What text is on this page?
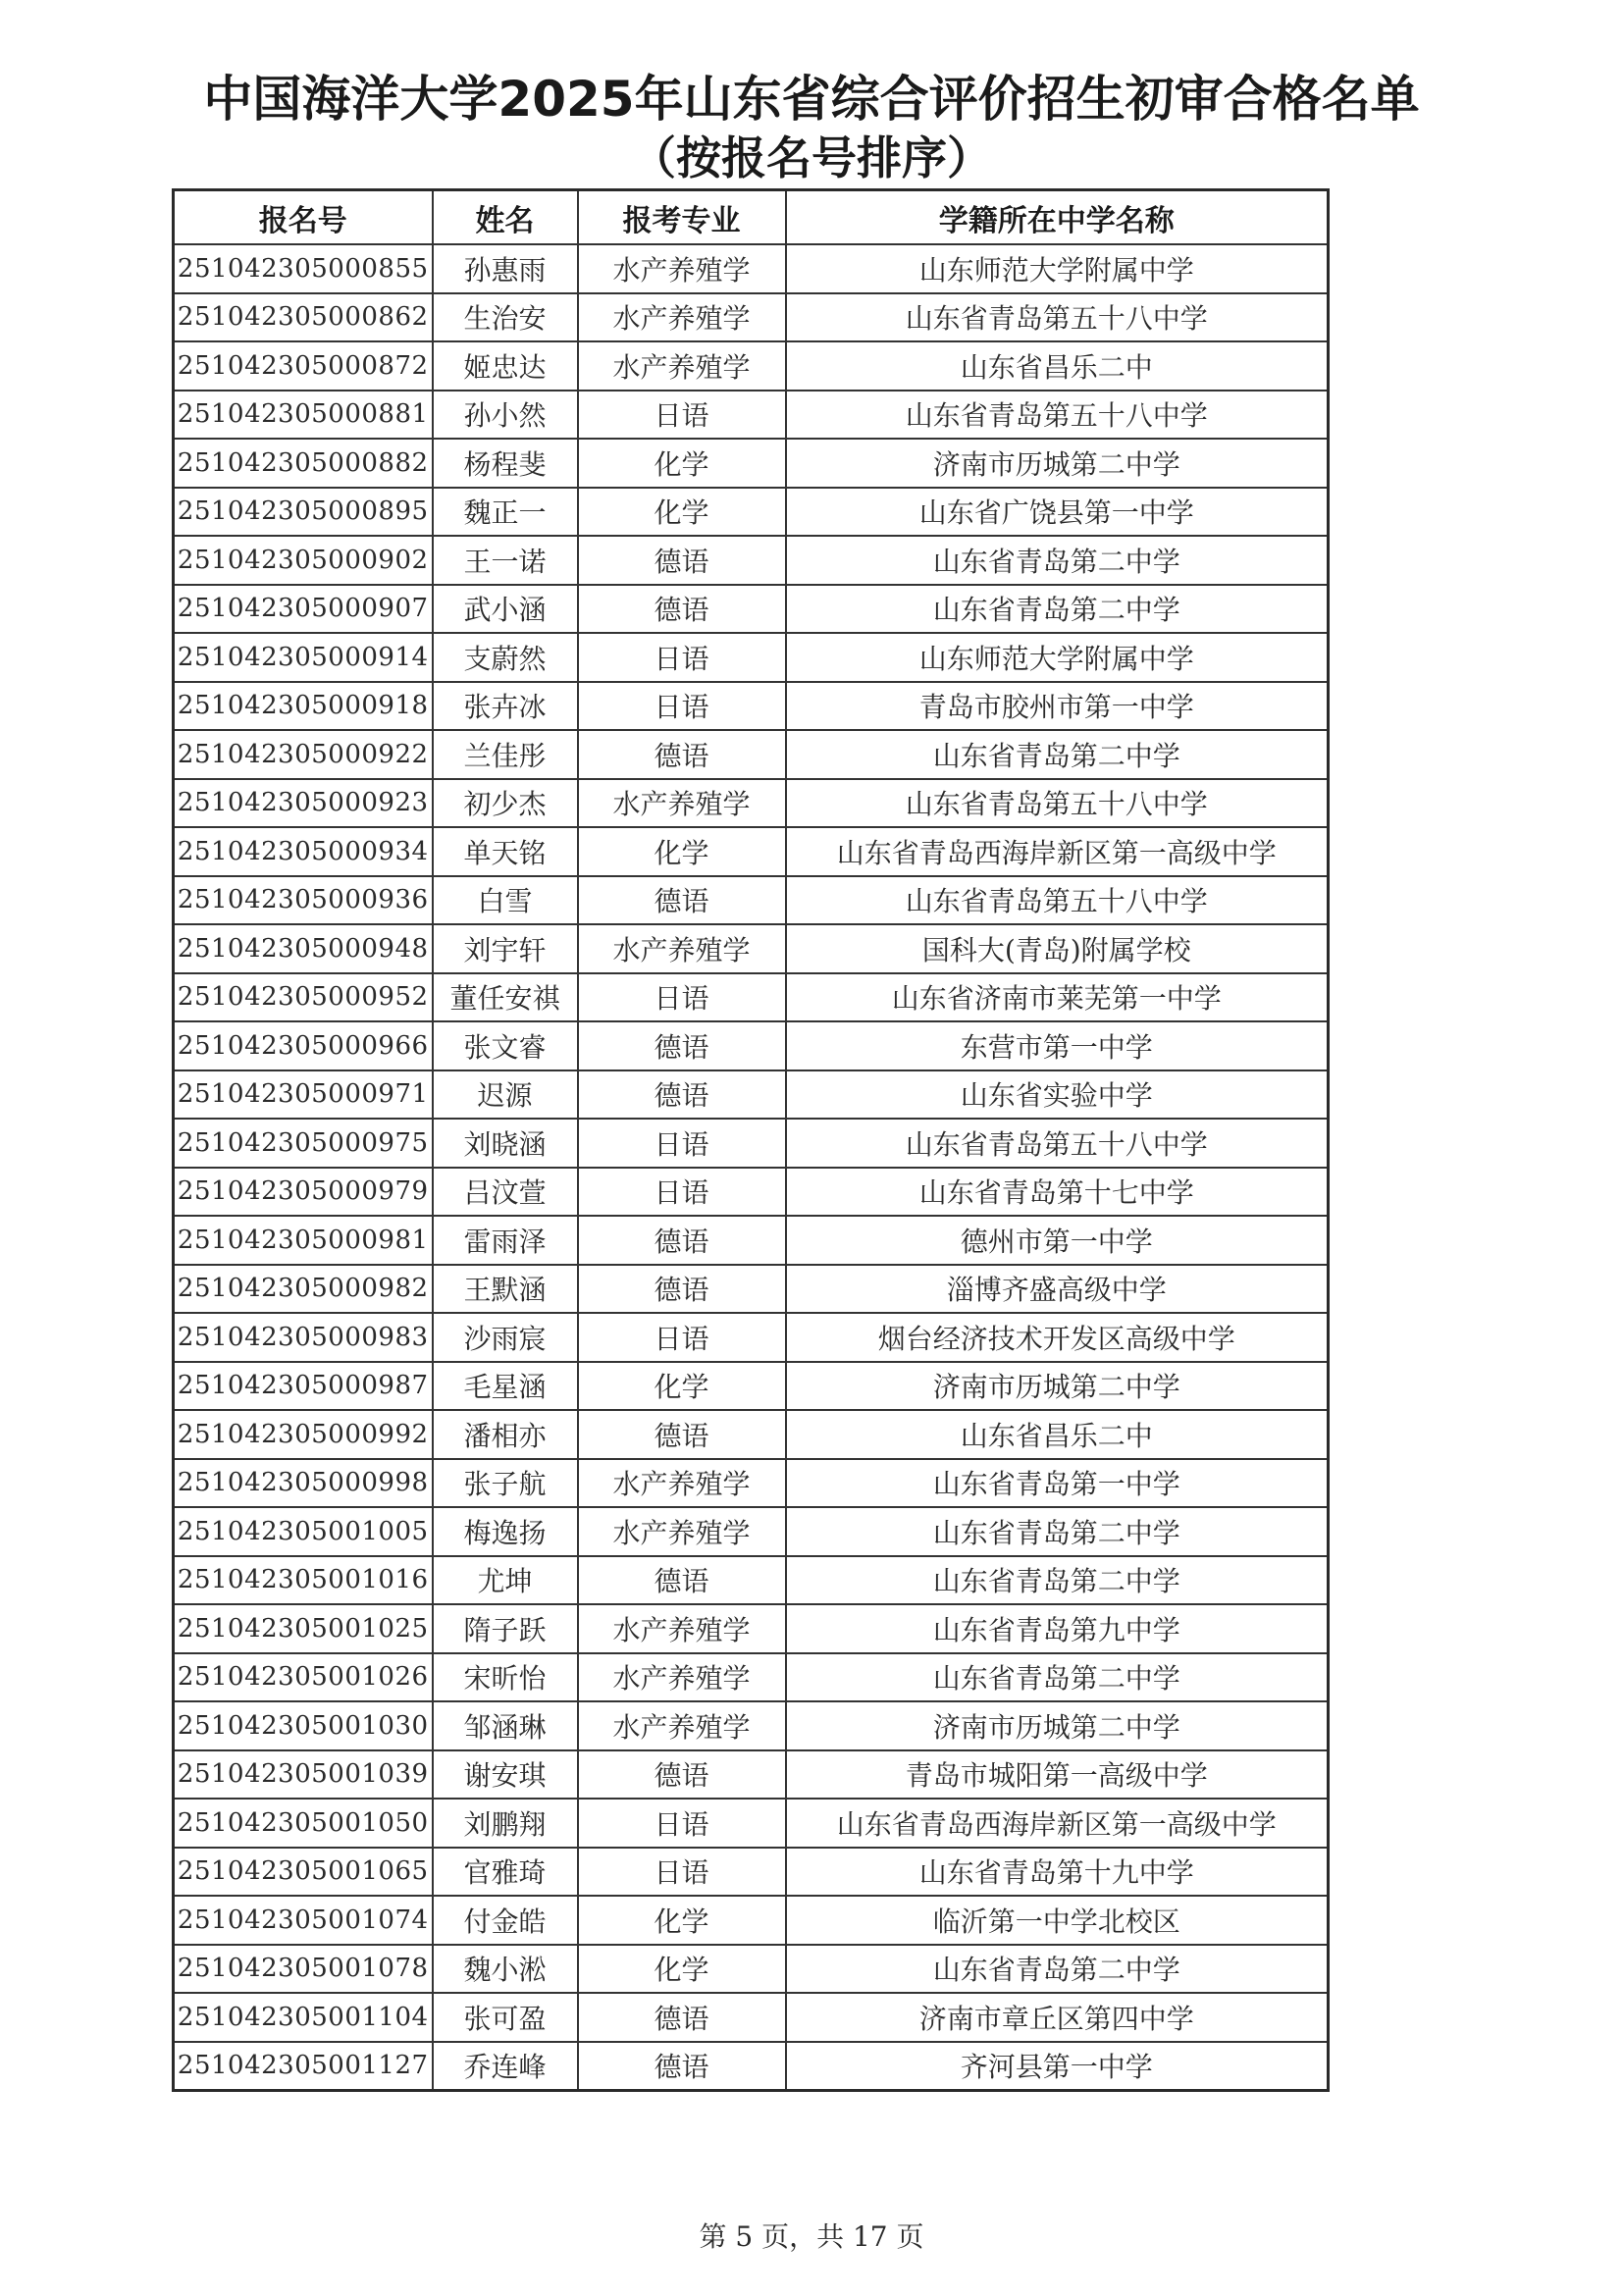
中国海洋大学2025年山东省综合评价招生初审合格名单
（按报名号排序）
报名号	姓名	报考专业	学籍所在中学名称
251042305000855	孙惠雨	水产养殖学	山东师范大学附属中学
251042305000862	生治安	水产养殖学	山东省青岛第五十八中学
251042305000872	姬忠达	水产养殖学	山东省昌乐二中
251042305000881	孙小然	日语	山东省青岛第五十八中学
251042305000882	杨程斐	化学	济南市历城第二中学
251042305000895	魏正一	化学	山东省广饶县第一中学
251042305000902	王一诺	德语	山东省青岛第二中学
251042305000907	武小涵	德语	山东省青岛第二中学
251042305000914	支蔚然	日语	山东师范大学附属中学
251042305000918	张卉冰	日语	青岛市胶州市第一中学
251042305000922	兰佳彤	德语	山东省青岛第二中学
251042305000923	初少杰	水产养殖学	山东省青岛第五十八中学
251042305000934	单天铭	化学	山东省青岛西海岸新区第一高级中学
251042305000936	白雪	德语	山东省青岛第五十八中学
251042305000948	刘宇轩	水产养殖学	国科大(青岛)附属学校
251042305000952	董任安祺	日语	山东省济南市莱芜第一中学
251042305000966	张文睿	德语	东营市第一中学
251042305000971	迟源	德语	山东省实验中学
251042305000975	刘晓涵	日语	山东省青岛第五十八中学
251042305000979	吕汶萱	日语	山东省青岛第十七中学
251042305000981	雷雨泽	德语	德州市第一中学
251042305000982	王默涵	德语	淄博齐盛高级中学
251042305000983	沙雨宸	日语	烟台经济技术开发区高级中学
251042305000987	毛星涵	化学	济南市历城第二中学
251042305000992	潘相亦	德语	山东省昌乐二中
251042305000998	张子航	水产养殖学	山东省青岛第一中学
251042305001005	梅逸扬	水产养殖学	山东省青岛第二中学
251042305001016	尤坤	德语	山东省青岛第二中学
251042305001025	隋子跃	水产养殖学	山东省青岛第九中学
251042305001026	宋昕怡	水产养殖学	山东省青岛第二中学
251042305001030	邹涵琳	水产养殖学	济南市历城第二中学
251042305001039	谢安琪	德语	青岛市城阳第一高级中学
251042305001050	刘鹏翔	日语	山东省青岛西海岸新区第一高级中学
251042305001065	官雅琦	日语	山东省青岛第十九中学
251042305001074	付金皓	化学	临沂第一中学北校区
251042305001078	魏小淞	化学	山东省青岛第二中学
251042305001104	张可盈	德语	济南市章丘区第四中学
251042305001127	乔连峰	德语	齐河县第一中学
第 5 页，共 17 页
